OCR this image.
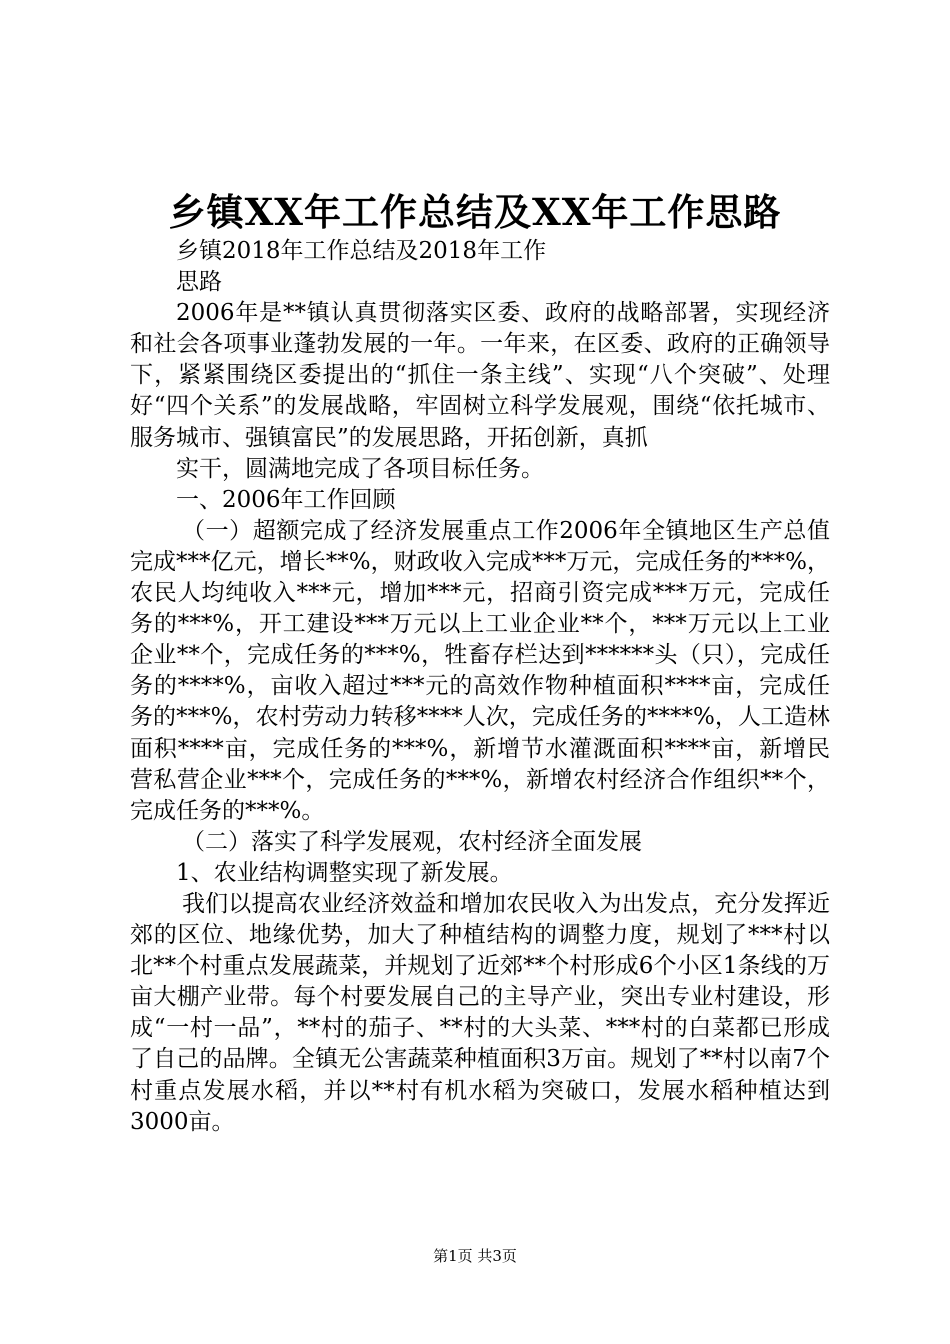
乡镇XX年工作总结及XX年工作思路

乡镇2018年工作总结及2018年工作

思路

2006年是**镇认真贯彻落实区委、政府的战略部署，实现经济和社会各项事业蓬勃发展的一年。一年来，在区委、政府的正确领导下，紧紧围绕区委提出的“抓住一条主线”、实现“八个突破”、处理好“四个关系”的发展战略，牢固树立科学发展观，围绕“依托城市、服务城市、强镇富民”的发展思路，开拓创新，真抓

实干，圆满地完成了各项目标任务。

一、2006年工作回顾

（一）超额完成了经济发展重点工作2006年全镇地区生产总值完成***亿元，增长**%，财政收入完成***万元，完成任务的***%，农民人均纯收入***元，增加***元，招商引资完成***万元，完成任务的***%，开工建设***万元以上工业企业**个，***万元以上工业企业**个，完成任务的***%，牲畜存栏达到******头（只），完成任务的****%，亩收入超过***元的高效作物种植面积****亩，完成任务的***%，农村劳动力转移****人次，完成任务的****%，人工造林面积****亩，完成任务的***%，新增节水灌溉面积****亩，新增民营私营企业***个，完成任务的***%，新增农村经济合作组织**个，完成任务的***%。

（二）落实了科学发展观，农村经济全面发展

1、农业结构调整实现了新发展。

我们以提高农业经济效益和增加农民收入为出发点，充分发挥近郊的区位、地缘优势，加大了种植结构的调整力度，规划了***村以北**个村重点发展蔬菜，并规划了近郊**个村形成6个小区1条线的万亩大棚产业带。每个村要发展自己的主导产业，突出专业村建设，形成“一村一品”，**村的茄子、**村的大头菜、***村的白菜都已形成了自己的品牌。全镇无公害蔬菜种植面积3万亩。规划了**村以南7个村重点发展水稻，并以**村有机水稻为突破口，发展水稻种植达到3000亩。

第1页 共3页
